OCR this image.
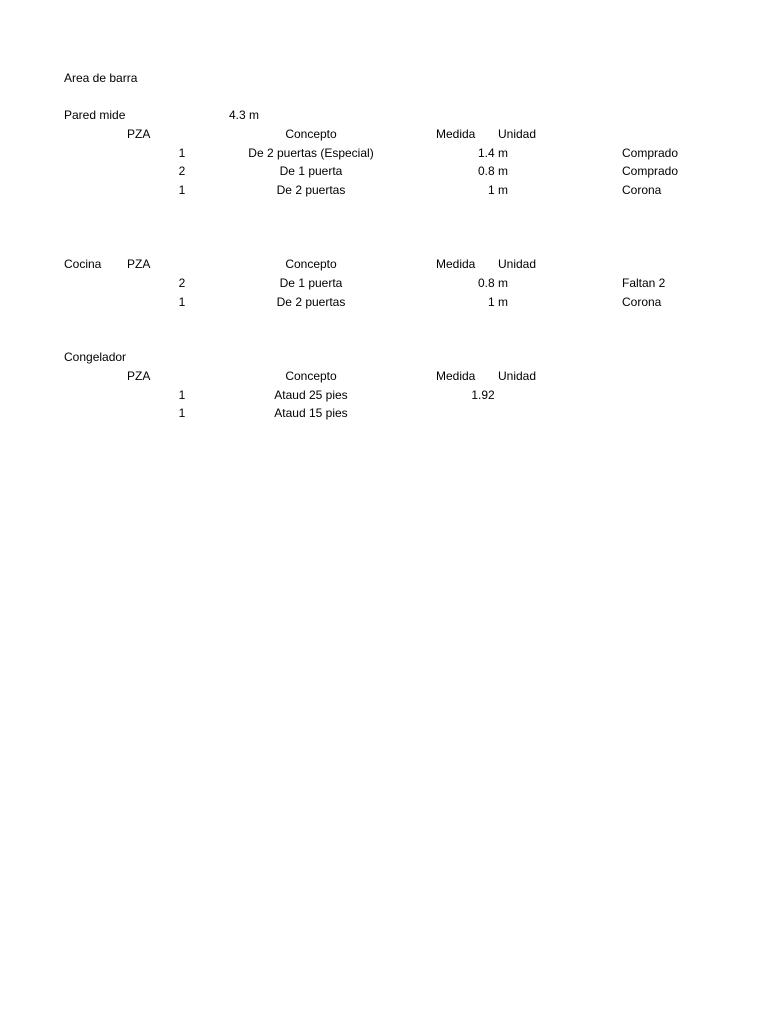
Area de barra
Pared mide	4.3 m
PZA	Concepto	Medida Unidad
1	De 2 puertas (Especial)	1.4 m	Comprado
2	De 1 puerta	0.8 m	Comprado
1	De 2 puertas	1 m	Corona
Cocina PZA	Concepto	Medida Unidad
2	De 1 puerta	0.8 m	Faltan 2
1	De 2 puertas	1 m	Corona
Congelador
PZA	Concepto	Medida Unidad
1	Ataud 25 pies	1.92
1	Ataud 15 pies
